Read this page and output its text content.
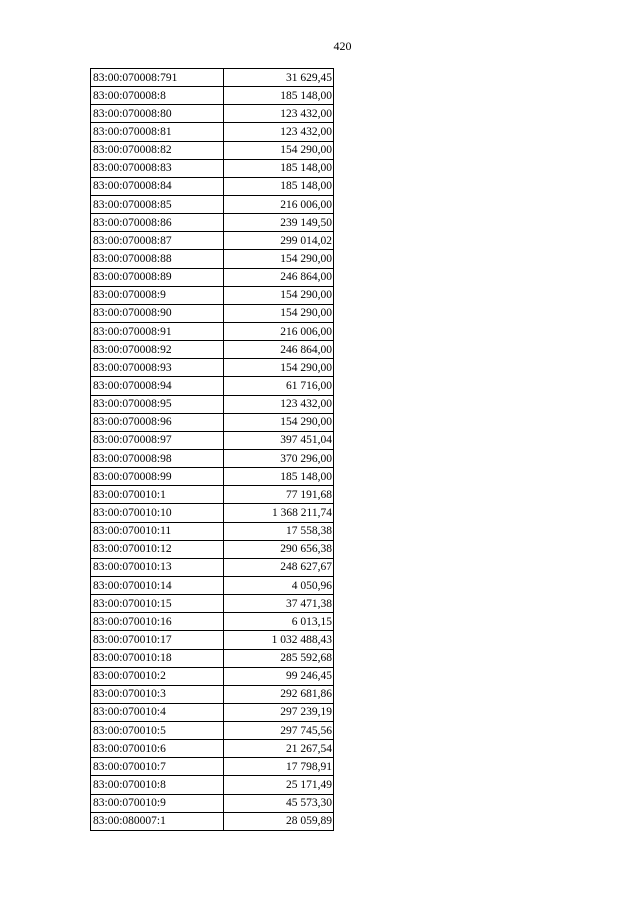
420
83:00:070008:791	31 629,45
83:00:070008:8	185 148,00
83:00:070008:80	123 432,00
83:00:070008:81	123 432,00
83:00:070008:82	154 290,00
83:00:070008:83	185 148,00
83:00:070008:84	185 148,00
83:00:070008:85	216 006,00
83:00:070008:86	239 149,50
83:00:070008:87	299 014,02
83:00:070008:88	154 290,00
83:00:070008:89	246 864,00
83:00:070008:9	154 290,00
83:00:070008:90	154 290,00
83:00:070008:91	216 006,00
83:00:070008:92	246 864,00
83:00:070008:93	154 290,00
83:00:070008:94	61 716,00
83:00:070008:95	123 432,00
83:00:070008:96	154 290,00
83:00:070008:97	397 451,04
83:00:070008:98	370 296,00
83:00:070008:99	185 148,00
83:00:070010:1	77 191,68
83:00:070010:10	1 368 211,74
83:00:070010:11	17 558,38
83:00:070010:12	290 656,38
83:00:070010:13	248 627,67
83:00:070010:14	4 050,96
83:00:070010:15	37 471,38
83:00:070010:16	6 013,15
83:00:070010:17	1 032 488,43
83:00:070010:18	285 592,68
83:00:070010:2	99 246,45
83:00:070010:3	292 681,86
83:00:070010:4	297 239,19
83:00:070010:5	297 745,56
83:00:070010:6	21 267,54
83:00:070010:7	17 798,91
83:00:070010:8	25 171,49
83:00:070010:9	45 573,30
83:00:080007:1	28 059,89
